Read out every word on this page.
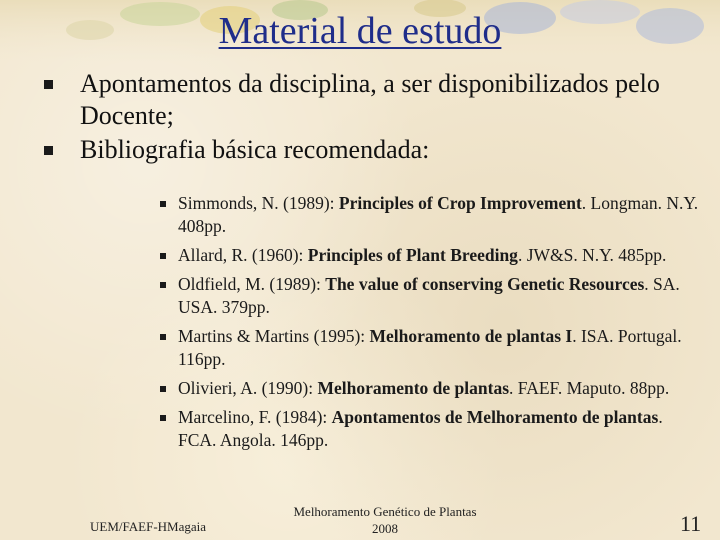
Material de estudo
Apontamentos da disciplina, a ser disponibilizados pelo Docente;
Bibliografia básica recomendada:
Simmonds, N. (1989): Principles of Crop Improvement. Longman. N.Y. 408pp.
Allard, R. (1960): Principles of Plant Breeding. JW&S. N.Y. 485pp.
Oldfield, M. (1989): The value of conserving Genetic Resources. SA. USA. 379pp.
Martins & Martins (1995): Melhoramento de plantas I. ISA. Portugal. 116pp.
Olivieri, A. (1990): Melhoramento de plantas. FAEF. Maputo. 88pp.
Marcelino, F. (1984): Apontamentos de Melhoramento de plantas. FCA. Angola. 146pp.
UEM/FAEF-HMagaia
Melhoramento Genético de Plantas
2008	11
